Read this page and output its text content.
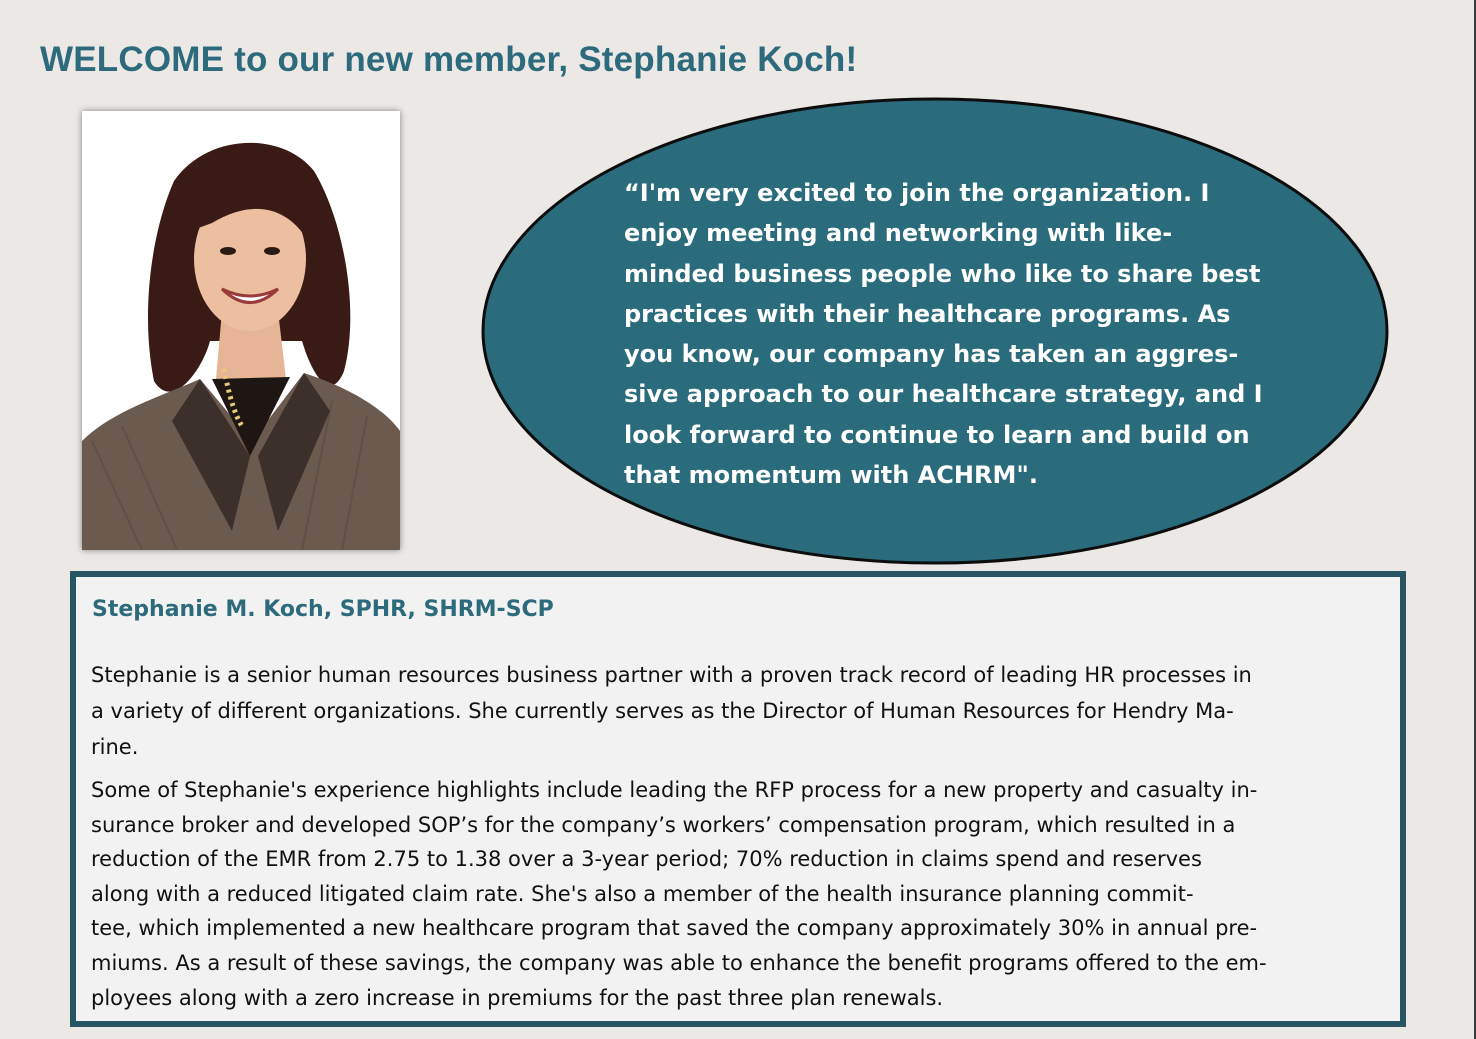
WELCOME to our new member, Stephanie Koch!

“I'm very excited to join the organization. I
enjoy meeting and networking with like-
minded business people who like to share best
practices with their healthcare programs. As
you know, our company has taken an aggres-
sive approach to our healthcare strategy, and I
look forward to continue to learn and build on
that momentum with ACHRM".

Stephanie M. Koch, SPHR, SHRM-SCP

Stephanie is a senior human resources business partner with a proven track record of leading HR processes in
a variety of different organizations. She currently serves as the Director of Human Resources for Hendry Ma-
rine.

Some of Stephanie's experience highlights include leading the RFP process for a new property and casualty in-
surance broker and developed SOP’s for the company’s workers’ compensation program, which resulted in a
reduction of the EMR from 2.75 to 1.38 over a 3-year period; 70% reduction in claims spend and reserves
along with a reduced litigated claim rate. She's also a member of the health insurance planning commit-
tee, which implemented a new healthcare program that saved the company approximately 30% in annual pre-
miums. As a result of these savings, the company was able to enhance the benefit programs offered to the em-
ployees along with a zero increase in premiums for the past three plan renewals.
